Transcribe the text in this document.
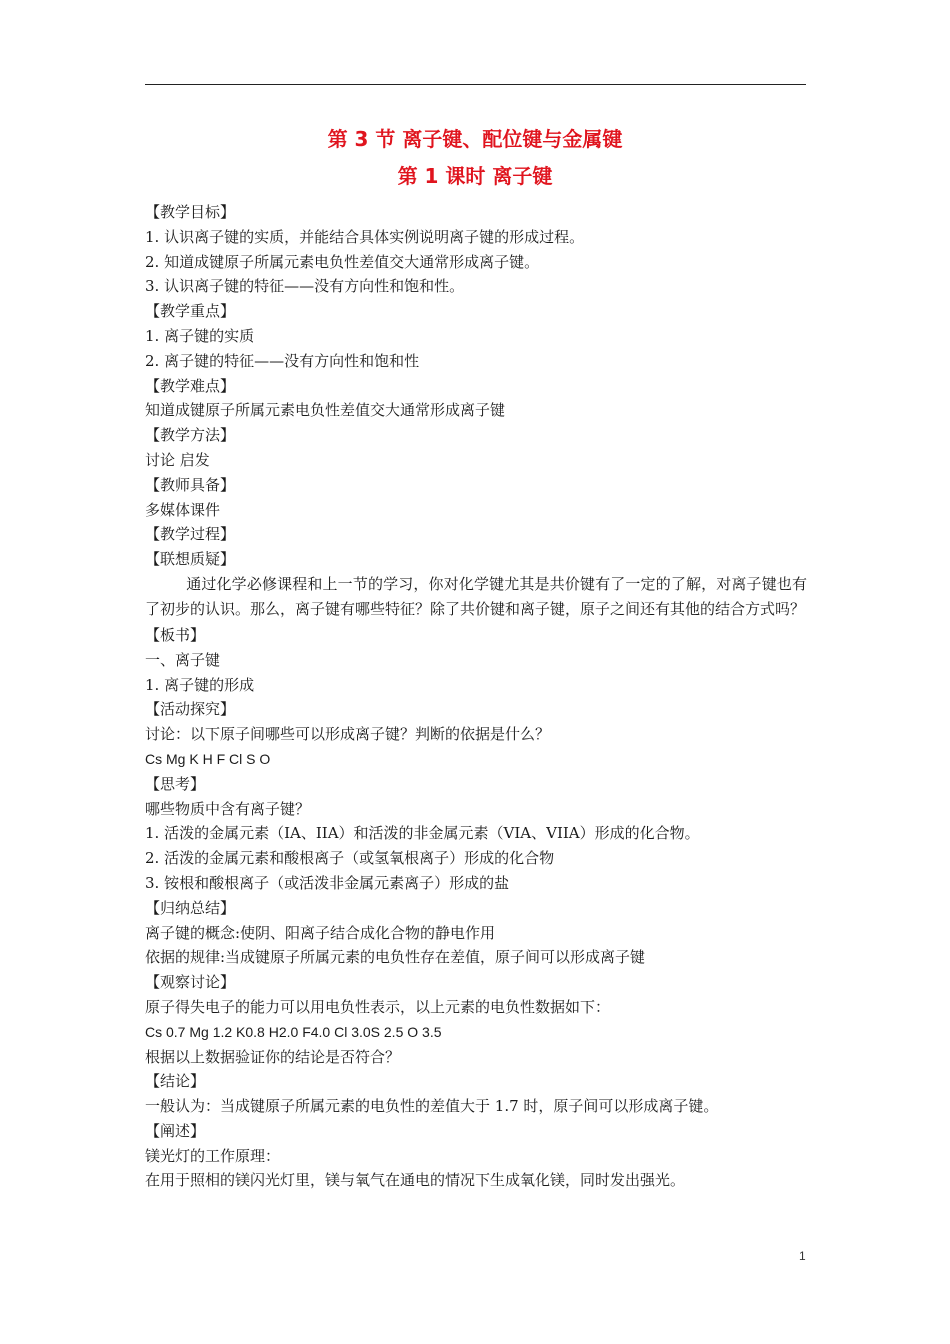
第 3 节 离子键、配位键与金属键
第 1 课时 离子键
【教学目标】
1. 认识离子键的实质，并能结合具体实例说明离子键的形成过程。
2. 知道成键原子所属元素电负性差值交大通常形成离子键。
3. 认识离子键的特征——没有方向性和饱和性。
【教学重点】
1. 离子键的实质
2. 离子键的特征——没有方向性和饱和性
【教学难点】
知道成键原子所属元素电负性差值交大通常形成离子键
【教学方法】
讨论 启发
【教师具备】
多媒体课件
【教学过程】
【联想质疑】
通过化学必修课程和上一节的学习，你对化学键尤其是共价键有了一定的了解，对离子键也有了初步的认识。那么，离子键有哪些特征？除了共价键和离子键，原子之间还有其他的结合方式吗？
【板书】
一、离子键
1. 离子键的形成
【活动探究】
讨论：以下原子间哪些可以形成离子键？判断的依据是什么？
Cs Mg K H F Cl S O
【思考】
哪些物质中含有离子键？
1. 活泼的金属元素（IA、IIA）和活泼的非金属元素（VIA、VIIA）形成的化合物。
2. 活泼的金属元素和酸根离子（或氢氧根离子）形成的化合物
3. 铵根和酸根离子（或活泼非金属元素离子）形成的盐
【归纳总结】
离子键的概念:使阴、阳离子结合成化合物的静电作用
依据的规律:当成键原子所属元素的电负性存在差值，原子间可以形成离子键
【观察讨论】
原子得失电子的能力可以用电负性表示，以上元素的电负性数据如下：
Cs 0.7 Mg 1.2 K0.8 H2.0 F4.0 Cl 3.0S 2.5 O 3.5
根据以上数据验证你的结论是否符合？
【结论】
一般认为：当成键原子所属元素的电负性的差值大于 1.7 时，原子间可以形成离子键。
【阐述】
镁光灯的工作原理：
在用于照相的镁闪光灯里，镁与氧气在通电的情况下生成氧化镁，同时发出强光。
1
